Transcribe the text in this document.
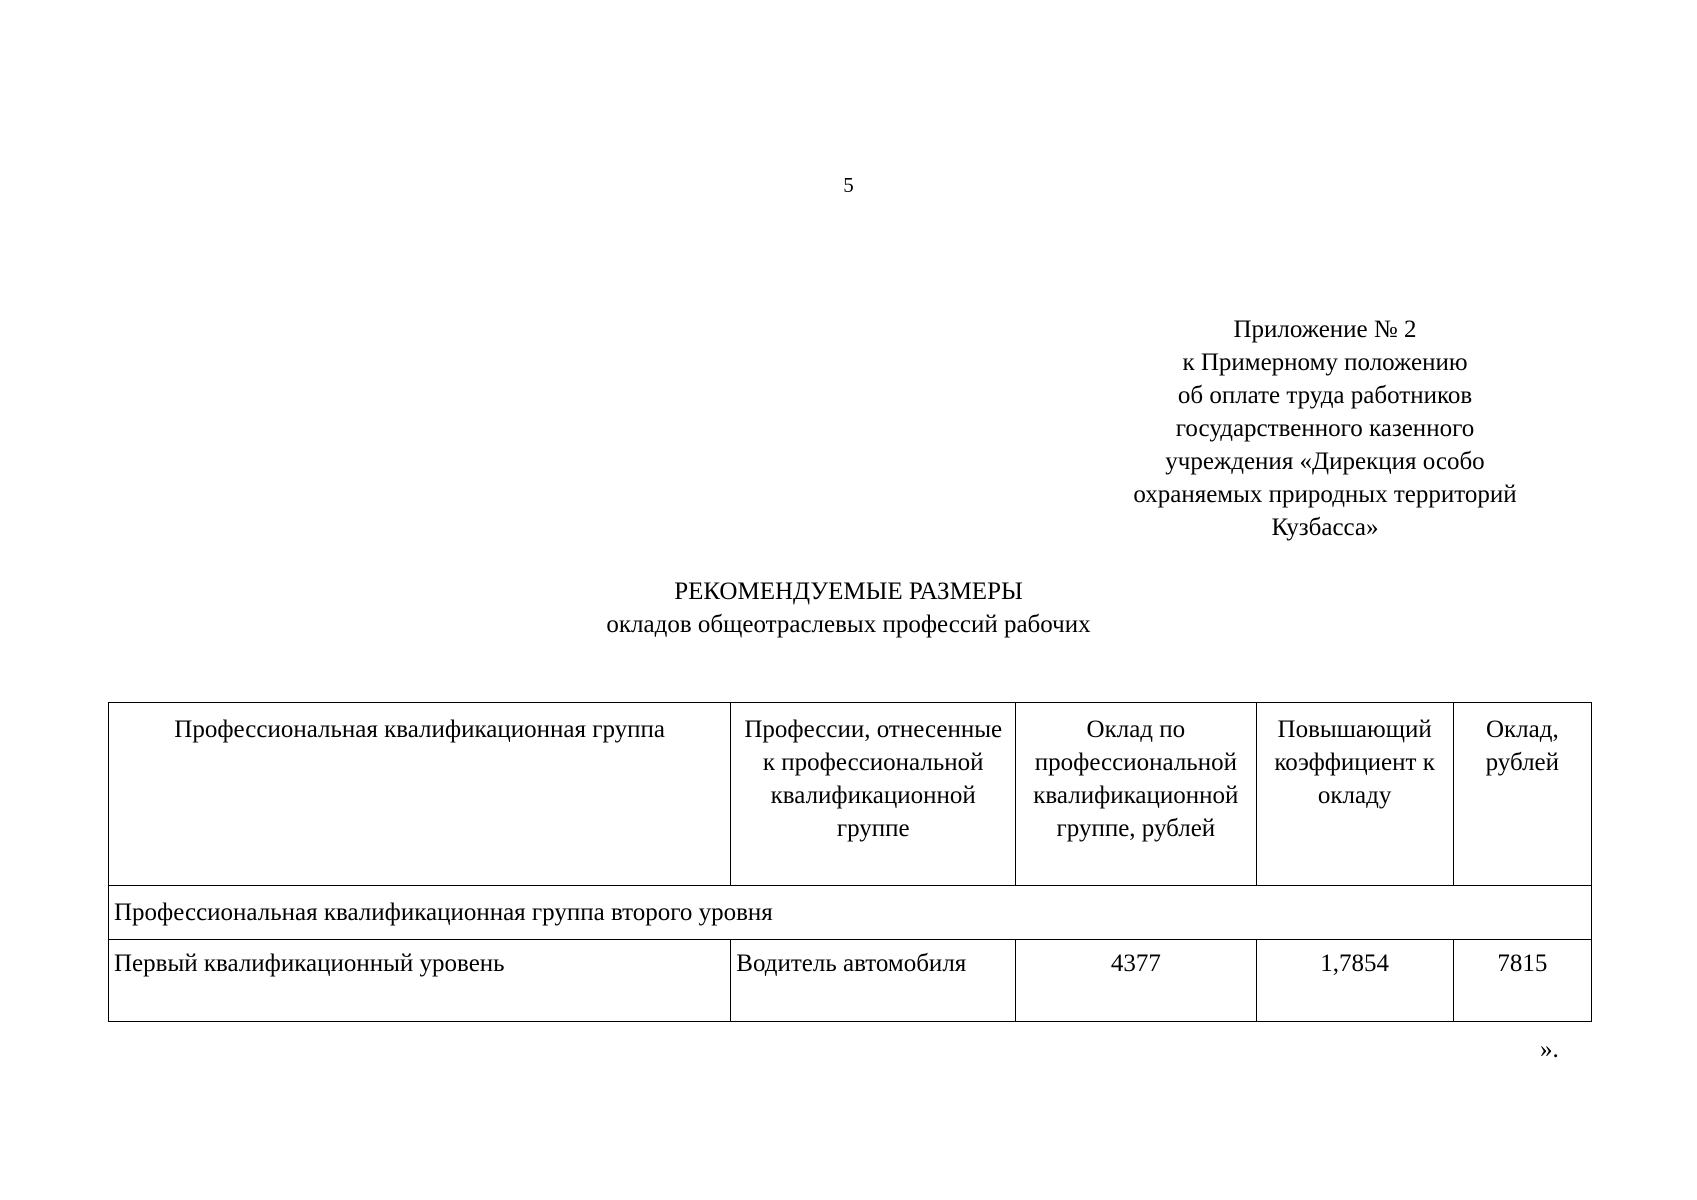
5
Приложение № 2
к Примерному положению
об оплате труда работников
государственного казенного
учреждения «Дирекция особо
охраняемых природных территорий
Кузбасса»
РЕКОМЕНДУЕМЫЕ РАЗМЕРЫ
окладов общеотраслевых профессий рабочих
Профессиональная квалификационная группа	Профессии, отнесенные к профессиональной квалификационной группе	Оклад по профессиональной квалификационной группе, рублей	Повышающий коэффициент к окладу	Оклад, рублей
Профессиональная квалификационная группа второго уровня				
Первый квалификационный уровень	Водитель автомобиля	4377	1,7854	7815
».
